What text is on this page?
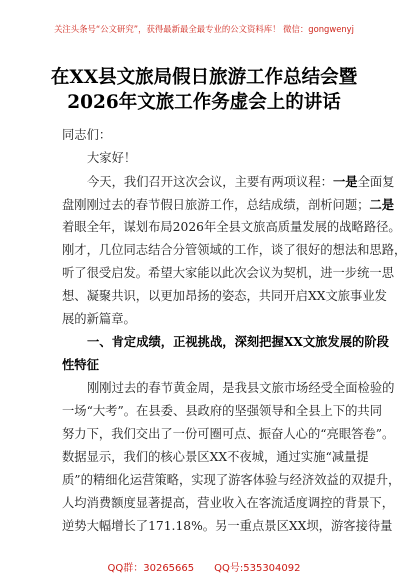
关注头条号“公文研究”，获得最新最全最专业的公文资料库！ 微信：gongwenyj
在XX县文旅局假日旅游工作总结会暨
2026年文旅工作务虚会上的讲话
同志们：
大家好！
今天，我们召开这次会议，主要有两项议程：一是全面复
盘刚刚过去的春节假日旅游工作，总结成绩，剖析问题；二是
着眼全年，谋划布局2026年全县文旅高质量发展的战略路径。
刚才，几位同志结合分管领域的工作，谈了很好的想法和思路，
听了很受启发。希望大家能以此次会议为契机，进一步统一思
想、凝聚共识，以更加昂扬的姿态，共同开启XX文旅事业发
展的新篇章。
一、肯定成绩，正视挑战，深刻把握XX文旅发展的阶段
性特征
刚刚过去的春节黄金周，是我县文旅市场经受全面检验的
一场“大考”。在县委、县政府的坚强领导和全县上下的共同
努力下，我们交出了一份可圈可点、振奋人心的“亮眼答卷”。
数据显示，我们的核心景区XX不夜城，通过实施“减量提
质”的精细化运营策略，实现了游客体验与经济效益的双提升，
人均消费额度显著提高，营业收入在客流适度调控的背景下，
逆势大幅增长了171.18%。另一重点景区XX坝，游客接待量
QQ群：30265665 QQ号:535304092
